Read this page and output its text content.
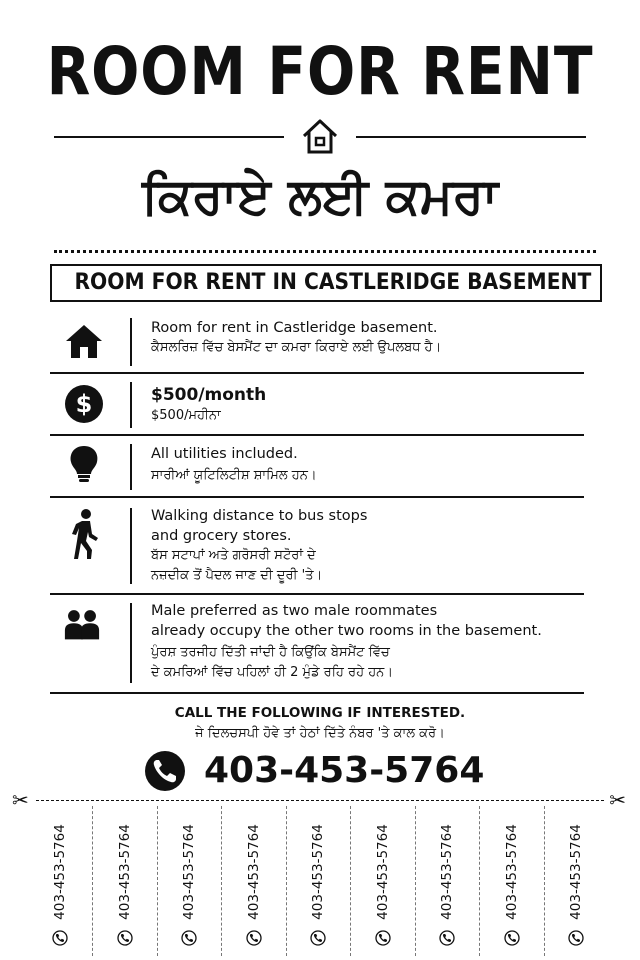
ROOM FOR RENT
ਕਿਰਾਏ ਲਈ ਕਮਰਾ
ROOM FOR RENT IN CASTLERIDGE BASEMENT
Room for rent in Castleridge basement.
ਕੈਸਲਰਿਜ਼ ਵਿੱਚ ਬੇਸਮੈਂਟ ਦਾ ਕਮਰਾ ਕਿਰਾਏ ਲਈ ਉਪਲਬਧ ਹੈ।
$	$500/month
$500/ਮਹੀਨਾ
All utilities included.
ਸਾਰੀਆਂ ਯੂਟਿਲਿਟੀਸ਼ ਸ਼ਾਮਿਲ ਹਨ।
Walking distance to bus stops
and grocery stores.
ਬੱਸ ਸਟਾਪਾਂ ਅਤੇ ਗਰੋਸਰੀ ਸਟੋਰਾਂ ਦੇ
ਨਜ਼ਦੀਕ ਤੋਂ ਪੈਦਲ ਜਾਣ ਦੀ ਦੂਰੀ 'ਤੇ।
Male preferred as two male roommates
already occupy the other two rooms in the basement.
ਪੁੰਰਸ਼ ਤਰਜੀਹ ਦਿੱਤੀ ਜਾਂਦੀ ਹੈ ਕਿਉਂਕਿ ਬੇਸਮੈਂਟ ਵਿੱਚ
ਦੇ ਕਮਰਿਆਂ ਵਿੱਚ ਪਹਿਲਾਂ ਹੀ 2 ਮੁੰਡੇ ਰਹਿ ਰਹੇ ਹਨ।
CALL THE FOLLOWING IF INTERESTED.
ਜੇ ਦਿਲਚਸਪੀ ਹੋਵੇ ਤਾਂ ਹੇਠਾਂ ਦਿੱਤੇ ਨੰਬਰ 'ਤੇ ਕਾਲ ਕਰੋ।
403-453-5764
✂	✂
403-453-5764	403-453-5764	403-453-5764	403-453-5764	403-453-5764	403-453-5764	403-453-5764	403-453-5764	403-453-5764
